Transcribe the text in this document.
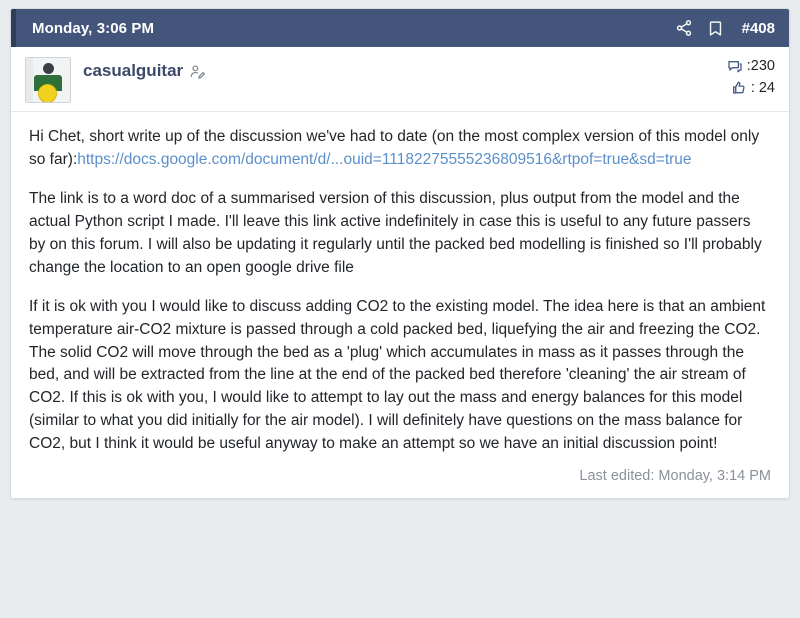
Monday, 3:06 PM	#408
casualguitar	:230
: 24

Hi Chet, short write up of the discussion we've had to date (on the most complex version of this model only so far):https://docs.google.com/document/d/...ouid=11182275555236809516&rtpof=true&sd=true

The link is to a word doc of a summarised version of this discussion, plus output from the model and the actual Python script I made. I'll leave this link active indefinitely in case this is useful to any future passers by on this forum. I will also be updating it regularly until the packed bed modelling is finished so I'll probably change the location to an open google drive file

If it is ok with you I would like to discuss adding CO2 to the existing model. The idea here is that an ambient temperature air-CO2 mixture is passed through a cold packed bed, liquefying the air and freezing the CO2. The solid CO2 will move through the bed as a 'plug' which accumulates in mass as it passes through the bed, and will be extracted from the line at the end of the packed bed therefore 'cleaning' the air stream of CO2. If this is ok with you, I would like to attempt to lay out the mass and energy balances for this model (similar to what you did initially for the air model). I will definitely have questions on the mass balance for CO2, but I think it would be useful anyway to make an attempt so we have an initial discussion point!

Last edited: Monday, 3:14 PM
